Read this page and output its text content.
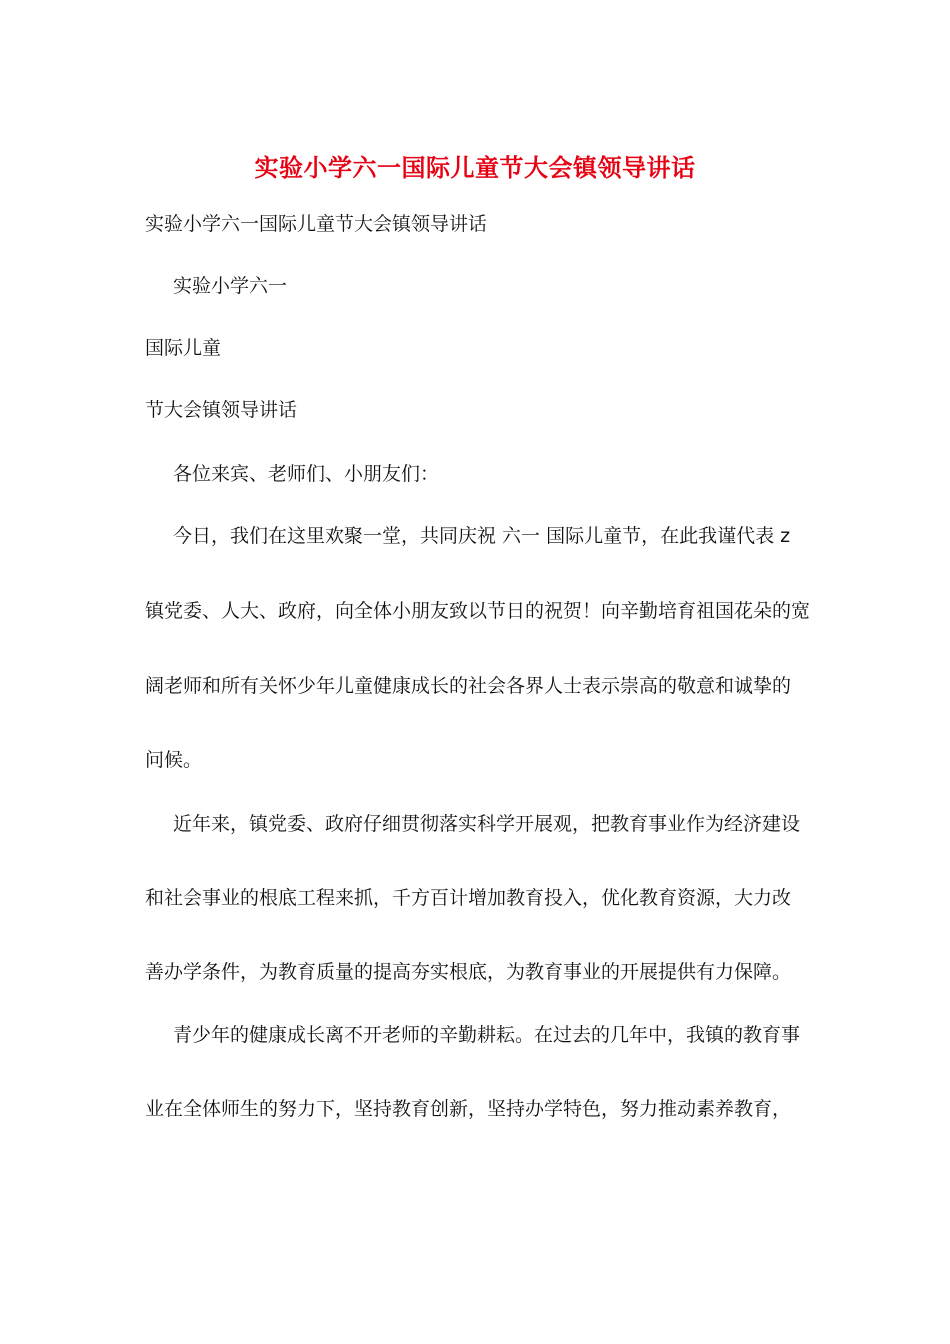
实验小学六一国际儿童节大会镇领导讲话

实验小学六一国际儿童节大会镇领导讲话

实验小学六一

国际儿童

节大会镇领导讲话

各位来宾、老师们、小朋友们：

今日，我们在这里欢聚一堂，共同庆祝 六一 国际儿童节，在此我谨代表 z

镇党委、人大、政府，向全体小朋友致以节日的祝贺！向辛勤培育祖国花朵的宽

阔老师和所有关怀少年儿童健康成长的社会各界人士表示崇高的敬意和诚挚的

问候。

近年来，镇党委、政府仔细贯彻落实科学开展观，把教育事业作为经济建设

和社会事业的根底工程来抓，千方百计增加教育投入，优化教育资源，大力改

善办学条件，为教育质量的提高夯实根底，为教育事业的开展提供有力保障。

青少年的健康成长离不开老师的辛勤耕耘。在过去的几年中，我镇的教育事

业在全体师生的努力下，坚持教育创新，坚持办学特色，努力推动素养教育，
